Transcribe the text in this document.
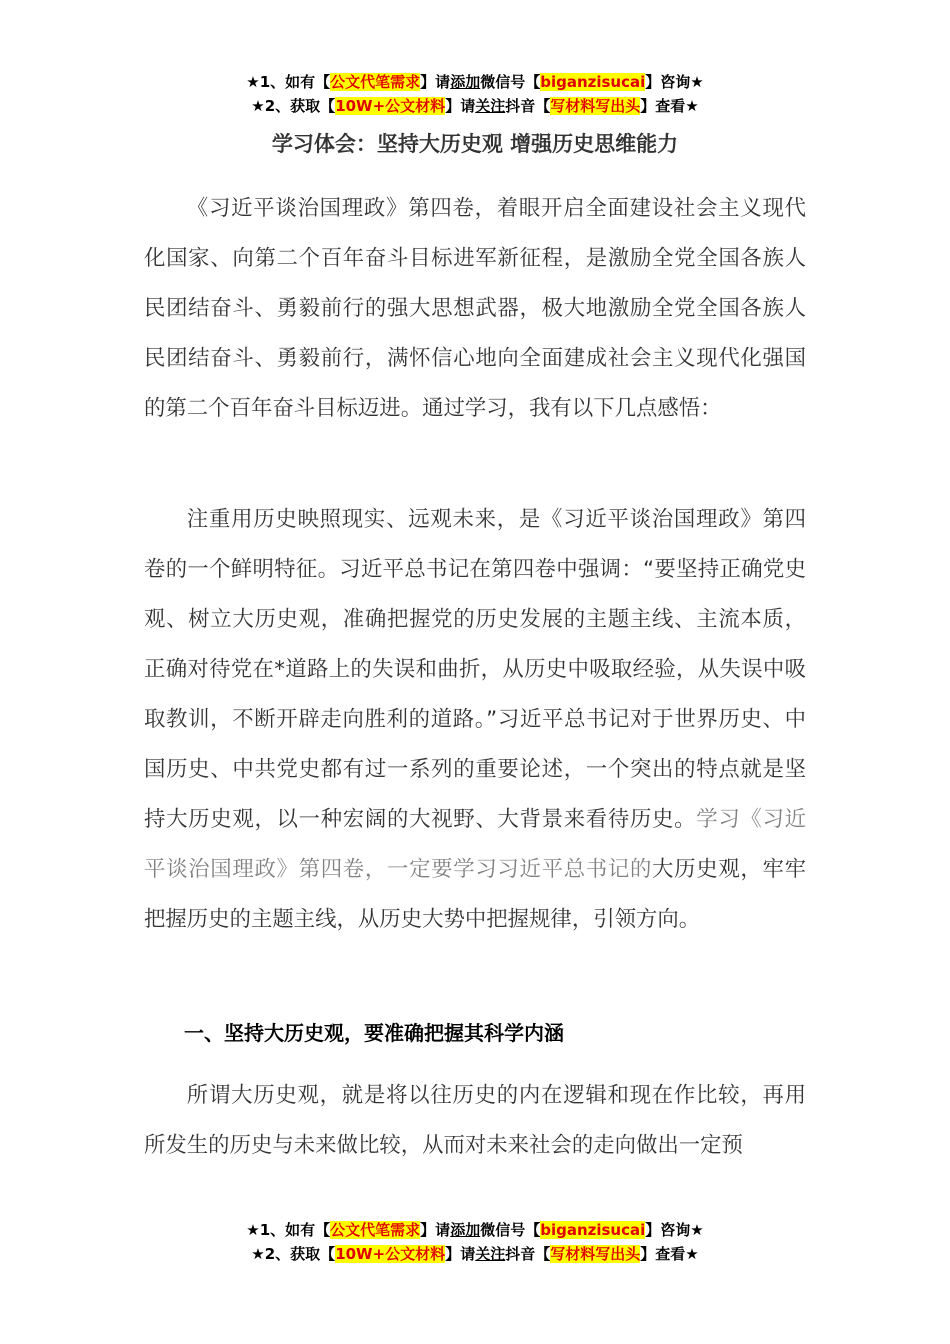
★1、如有【公文代笔需求】请添加微信号【biganzisucai】咨询★
★2、获取【10W+公文材料】请关注抖音【写材料写出头】查看★
学习体会：坚持大历史观 增强历史思维能力

《习近平谈治国理政》第四卷，着眼开启全面建设社会主义现代化国家、向第二个百年奋斗目标进军新征程，是激励全党全国各族人民团结奋斗、勇毅前行的强大思想武器，极大地激励全党全国各族人民团结奋斗、勇毅前行，满怀信心地向全面建成社会主义现代化强国的第二个百年奋斗目标迈进。通过学习，我有以下几点感悟：

注重用历史映照现实、远观未来，是《习近平谈治国理政》第四卷的一个鲜明特征。习近平总书记在第四卷中强调：“要坚持正确党史观、树立大历史观，准确把握党的历史发展的主题主线、主流本质，正确对待党在*道路上的失误和曲折，从历史中吸取经验，从失误中吸取教训，不断开辟走向胜利的道路。”习近平总书记对于世界历史、中国历史、中共党史都有过一系列的重要论述，一个突出的特点就是坚持大历史观，以一种宏阔的大视野、大背景来看待历史。学习《习近平谈治国理政》第四卷，一定要学习习近平总书记的大历史观，牢牢把握历史的主题主线，从历史大势中把握规律，引领方向。

一、坚持大历史观，要准确把握其科学内涵

所谓大历史观，就是将以往历史的内在逻辑和现在作比较，再用所发生的历史与未来做比较，从而对未来社会的走向做出一定预

★1、如有【公文代笔需求】请添加微信号【biganzisucai】咨询★
★2、获取【10W+公文材料】请关注抖音【写材料写出头】查看★
